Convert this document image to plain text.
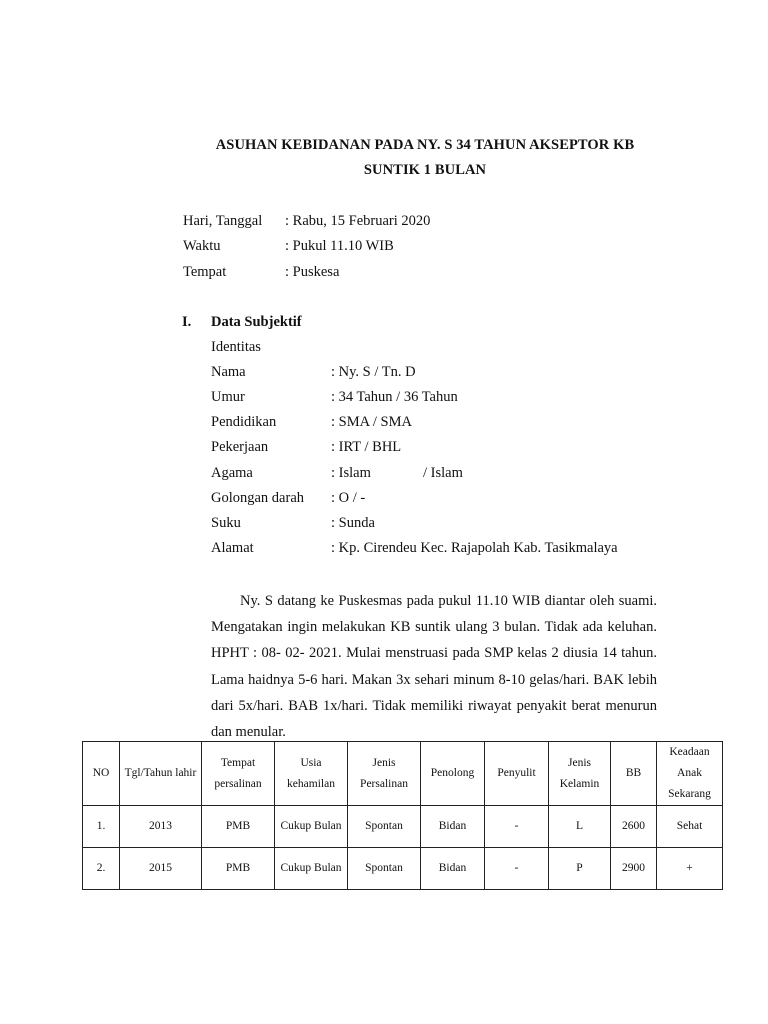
ASUHAN KEBIDANAN PADA NY. S 34 TAHUN AKSEPTOR KB
SUNTIK 1 BULAN
Hari, Tanggal : Rabu, 15 Februari 2020
Waktu	: Pukul 11.10 WIB
Tempat	: Puskesa
I. Data Subjektif
Identitas
Nama	: Ny. S / Tn. D
Umur	: 34 Tahun / 36 Tahun
Pendidikan	: SMA / SMA
Pekerjaan	: IRT / BHL
Agama	: Islam	/ Islam
Golongan darah : O / -
Suku	: Sunda
Alamat	: Kp. Cirendeu Kec. Rajapolah Kab. Tasikmalaya
Ny. S datang ke Puskesmas pada pukul 11.10 WIB diantar oleh suami. Mengatakan ingin melakukan KB suntik ulang 3 bulan. Tidak ada keluhan. HPHT : 08- 02- 2021. Mulai menstruasi pada SMP kelas 2 diusia 14 tahun. Lama haidnya 5-6 hari. Makan 3x sehari minum 8-10 gelas/hari. BAK lebih dari 5x/hari. BAB 1x/hari. Tidak memiliki riwayat penyakit berat menurun dan menular.
NO	Tgl/Tahun lahir	Tempat persalinan	Usia kehamilan	Jenis Persalinan	Penolong	Penyulit	Jenis Kelamin	BB	Keadaan Anak Sekarang
1.	2013	PMB	Cukup Bulan	Spontan	Bidan	-	L	2600	Sehat
2.	2015	PMB	Cukup Bulan	Spontan	Bidan	-	P	2900	+
